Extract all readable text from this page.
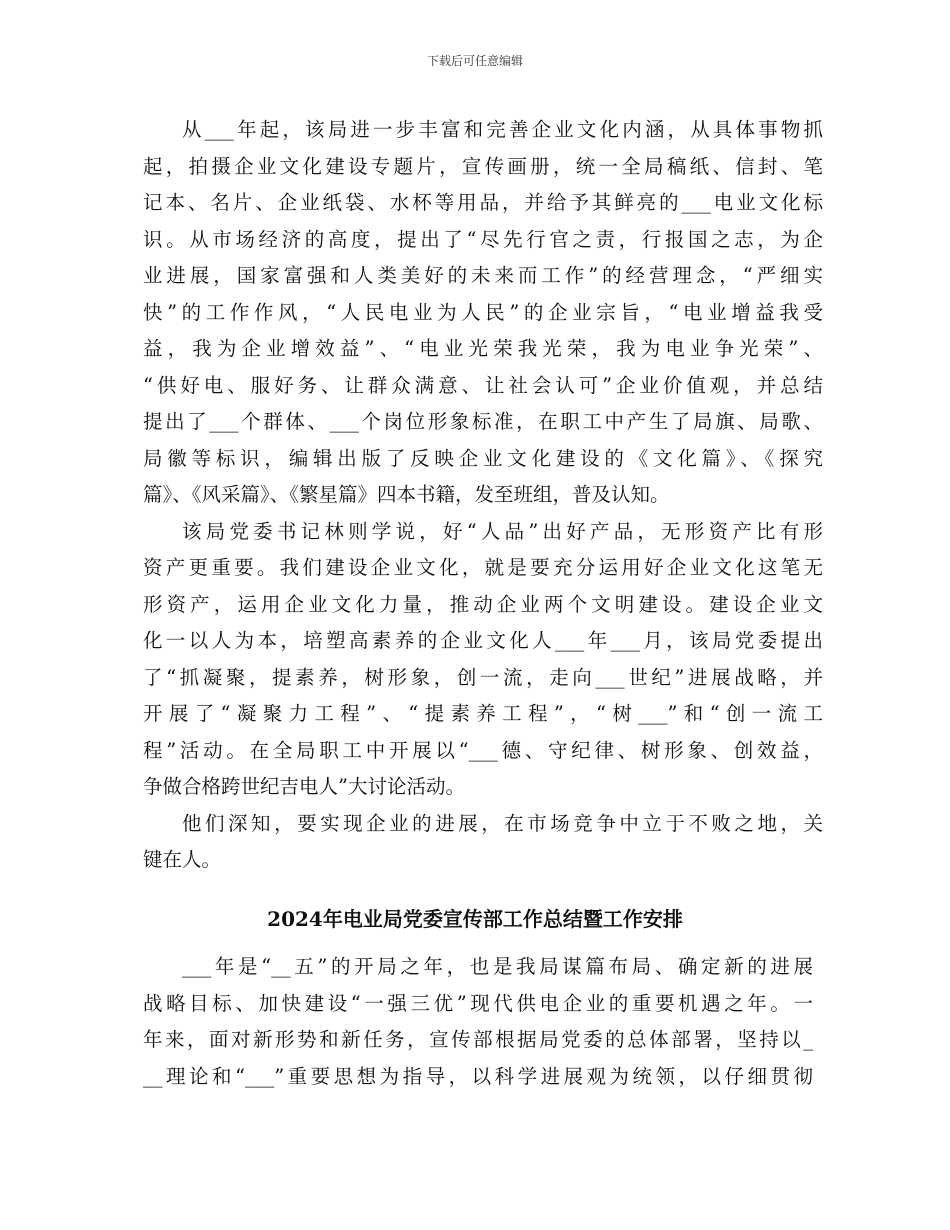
下载后可任意编辑
从___年起，该局进一步丰富和完善企业文化内涵，从具体事物抓
起，拍摄企业文化建设专题片，宣传画册，统一全局稿纸、信封、笔
记本、名片、企业纸袋、水杯等用品，并给予其鲜亮的___电业文化标
识。从市场经济的高度，提出了“尽先行官之责，行报国之志，为企
业进展，国家富强和人类美好的未来而工作”的经营理念，“严细实
快”的工作作风，“人民电业为人民”的企业宗旨，“电业增益我受
益，我为企业增效益”、“电业光荣我光荣，我为电业争光荣”、
“供好电、服好务、让群众满意、让社会认可”企业价值观，并总结
提出了___个群体、___个岗位形象标准，在职工中产生了局旗、局歌、
局徽等标识，编辑出版了反映企业文化建设的《文化篇》、《探究
篇》、《风采篇》、《繁星篇》四本书籍，发至班组，普及认知。
该局党委书记林则学说，好“人品”出好产品，无形资产比有形
资产更重要。我们建设企业文化，就是要充分运用好企业文化这笔无
形资产，运用企业文化力量，推动企业两个文明建设。建设企业文
化一以人为本，培塑高素养的企业文化人___年___月，该局党委提出
了“抓凝聚，提素养，树形象，创一流，走向___世纪”进展战略，并
开展了“凝聚力工程”、“提素养工程”，“树___”和“创一流工
程”活动。在全局职工中开展以“___德、守纪律、树形象、创效益，
争做合格跨世纪吉电人”大讨论活动。
他们深知，要实现企业的进展，在市场竞争中立于不败之地，关
键在人。
2024年电业局党委宣传部工作总结暨工作安排
___年是“__五”的开局之年，也是我局谋篇布局、确定新的进展
战略目标、加快建设“一强三优”现代供电企业的重要机遇之年。一
年来，面对新形势和新任务，宣传部根据局党委的总体部署，坚持以_
__理论和“___”重要思想为指导，以科学进展观为统领，以仔细贯彻
